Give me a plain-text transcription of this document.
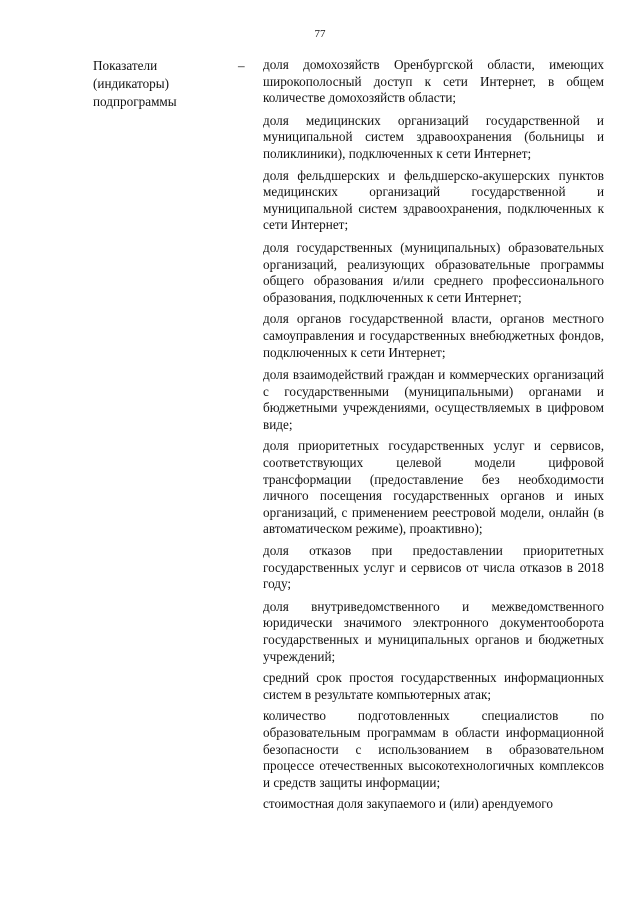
77
Показатели
(индикаторы)
подпрограммы
– доля домохозяйств Оренбургской области, имеющих широкополосный доступ к сети Интернет, в общем количестве домохозяйств области;
доля медицинских организаций государственной и муниципальной систем здравоохранения (больницы и поликлиники), подключенных к сети Интернет;
доля фельдшерских и фельдшерско-акушерских пунктов медицинских организаций государственной и муниципальной систем здравоохранения, подключенных к сети Интернет;
доля государственных (муниципальных) образовательных организаций, реализующих образовательные программы общего образования и/или среднего профессионального образования, подключенных к сети Интернет;
доля органов государственной власти, органов местного самоуправления и государственных внебюджетных фондов, подключенных к сети Интернет;
доля взаимодействий граждан и коммерческих организаций с государственными (муниципальными) органами и бюджетными учреждениями, осуществляемых в цифровом виде;
доля приоритетных государственных услуг и сервисов, соответствующих целевой модели цифровой трансформации (предоставление без необходимости личного посещения государственных органов и иных организаций, с применением реестровой модели, онлайн (в автоматическом режиме), проактивно);
доля отказов при предоставлении приоритетных государственных услуг и сервисов от числа отказов в 2018 году;
доля внутриведомственного и межведомственного юридически значимого электронного документооборота государственных и муниципальных органов и бюджетных учреждений;
средний срок простоя государственных информационных систем в результате компьютерных атак;
количество подготовленных специалистов по образовательным программам в области информационной безопасности с использованием в образовательном процессе отечественных высокотехнологичных комплексов и средств защиты информации;
стоимостная доля закупаемого и (или) арендуемого
